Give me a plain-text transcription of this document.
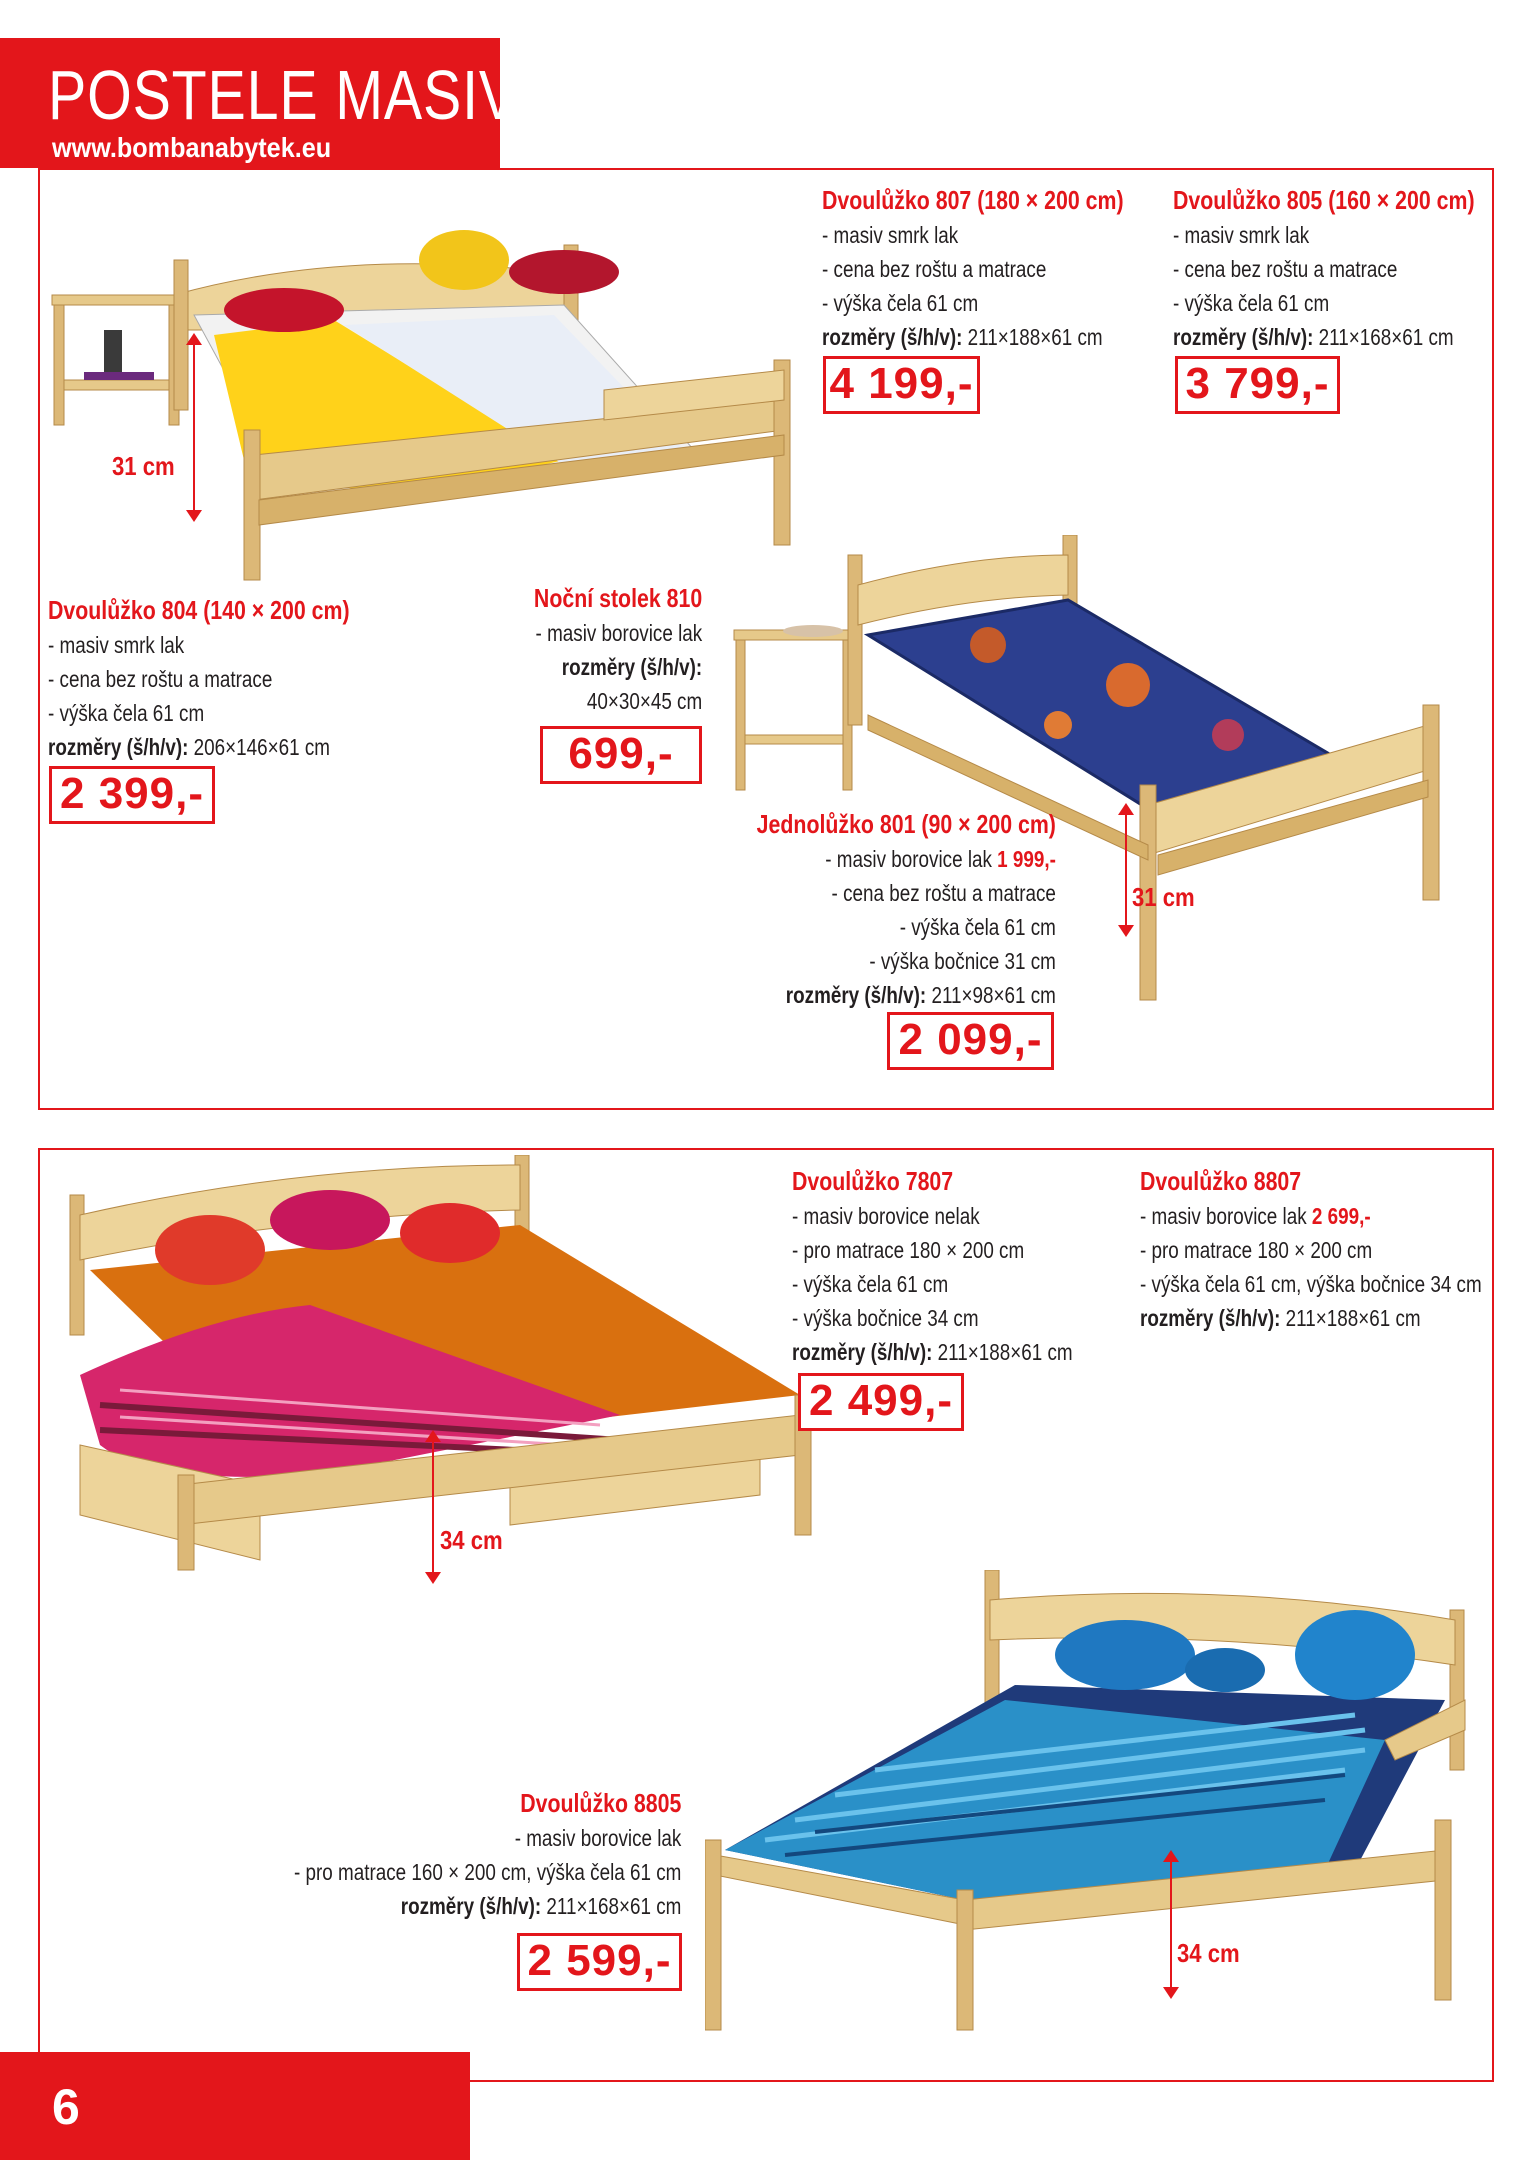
POSTELE MASIV
www.bombanabytek.eu
31 cm
31 cm
34 cm
34 cm
Dvoulůžko 807 (180 × 200 cm)
- masiv smrk lak
- cena bez roštu a matrace
- výška čela 61 cm
rozměry (š/h/v): 211×188×61 cm
4 199,-
Dvoulůžko 805 (160 × 200 cm)
- masiv smrk lak
- cena bez roštu a matrace
- výška čela 61 cm
rozměry (š/h/v): 211×168×61 cm
3 799,-
Dvoulůžko 804 (140 × 200 cm)
- masiv smrk lak
- cena bez roštu a matrace
- výška čela 61 cm
rozměry (š/h/v): 206×146×61 cm
2 399,-
Noční stolek 810
- masiv borovice lak
rozměry (š/h/v):
40×30×45 cm
699,-
Jednolůžko 801 (90 × 200 cm)
- masiv borovice lak 1 999,-
- cena bez roštu a matrace
- výška čela 61 cm
- výška bočnice 31 cm
rozměry (š/h/v): 211×98×61 cm
2 099,-
Dvoulůžko 7807
- masiv borovice nelak
- pro matrace 180 × 200 cm
- výška čela 61 cm
- výška bočnice 34 cm
rozměry (š/h/v): 211×188×61 cm
2 499,-
Dvoulůžko 8807
- masiv borovice lak 2 699,-
- pro matrace 180 × 200 cm
- výška čela 61 cm, výška bočnice 34 cm
rozměry (š/h/v): 211×188×61 cm
Dvoulůžko 8805
- masiv borovice lak
- pro matrace 160 × 200 cm, výška čela 61 cm
rozměry (š/h/v): 211×168×61 cm
2 599,-
6
